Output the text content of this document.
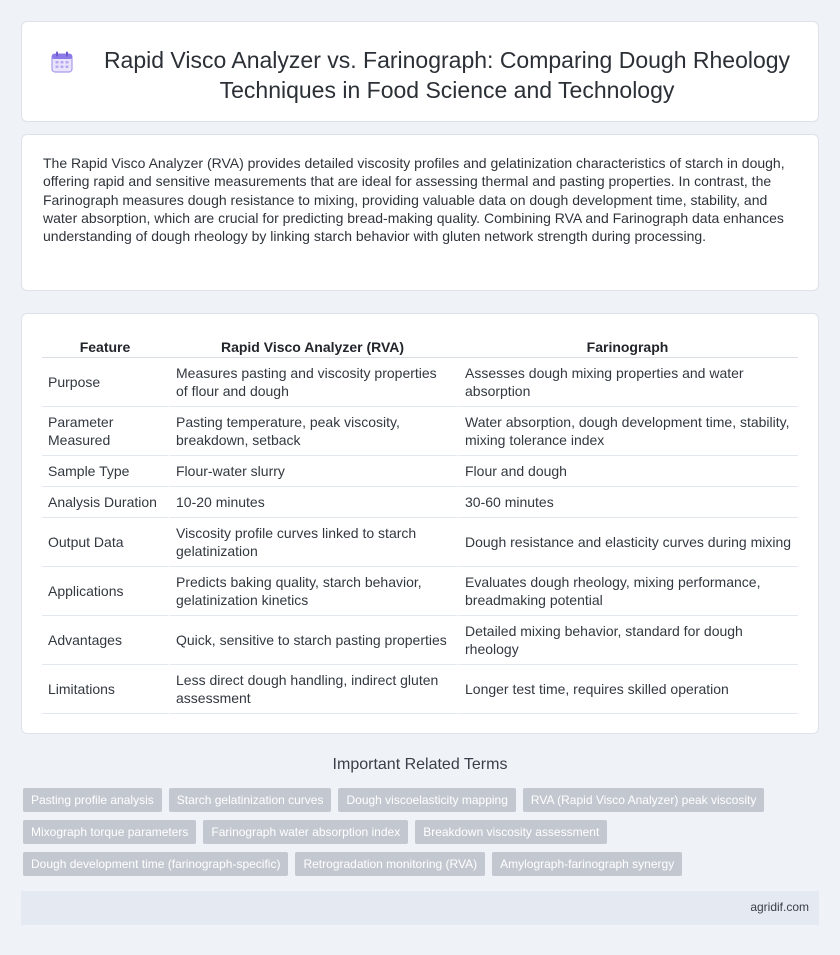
Rapid Visco Analyzer vs. Farinograph: Comparing Dough Rheology Techniques in Food Science and Technology

The Rapid Visco Analyzer (RVA) provides detailed viscosity profiles and gelatinization characteristics of starch in dough, offering rapid and sensitive measurements that are ideal for assessing thermal and pasting properties. In contrast, the Farinograph measures dough resistance to mixing, providing valuable data on dough development time, stability, and water absorption, which are crucial for predicting bread-making quality. Combining RVA and Farinograph data enhances understanding of dough rheology by linking starch behavior with gluten network strength during processing.

Feature	Rapid Visco Analyzer (RVA)	Farinograph
Purpose	Measures pasting and viscosity properties of flour and dough	Assesses dough mixing properties and water absorption
Parameter Measured	Pasting temperature, peak viscosity, breakdown, setback	Water absorption, dough development time, stability, mixing tolerance index
Sample Type	Flour-water slurry	Flour and dough
Analysis Duration	10-20 minutes	30-60 minutes
Output Data	Viscosity profile curves linked to starch gelatinization	Dough resistance and elasticity curves during mixing
Applications	Predicts baking quality, starch behavior, gelatinization kinetics	Evaluates dough rheology, mixing performance, breadmaking potential
Advantages	Quick, sensitive to starch pasting properties	Detailed mixing behavior, standard for dough rheology
Limitations	Less direct dough handling, indirect gluten assessment	Longer test time, requires skilled operation
Important Related Terms
Pasting profile analysis	Starch gelatinization curves	Dough viscoelasticity mapping	RVA (Rapid Visco Analyzer) peak viscosity
Mixograph torque parameters	Farinograph water absorption index	Breakdown viscosity assessment
Dough development time (farinograph-specific)	Retrogradation monitoring (RVA)	Amylograph-farinograph synergy
agridif.com
